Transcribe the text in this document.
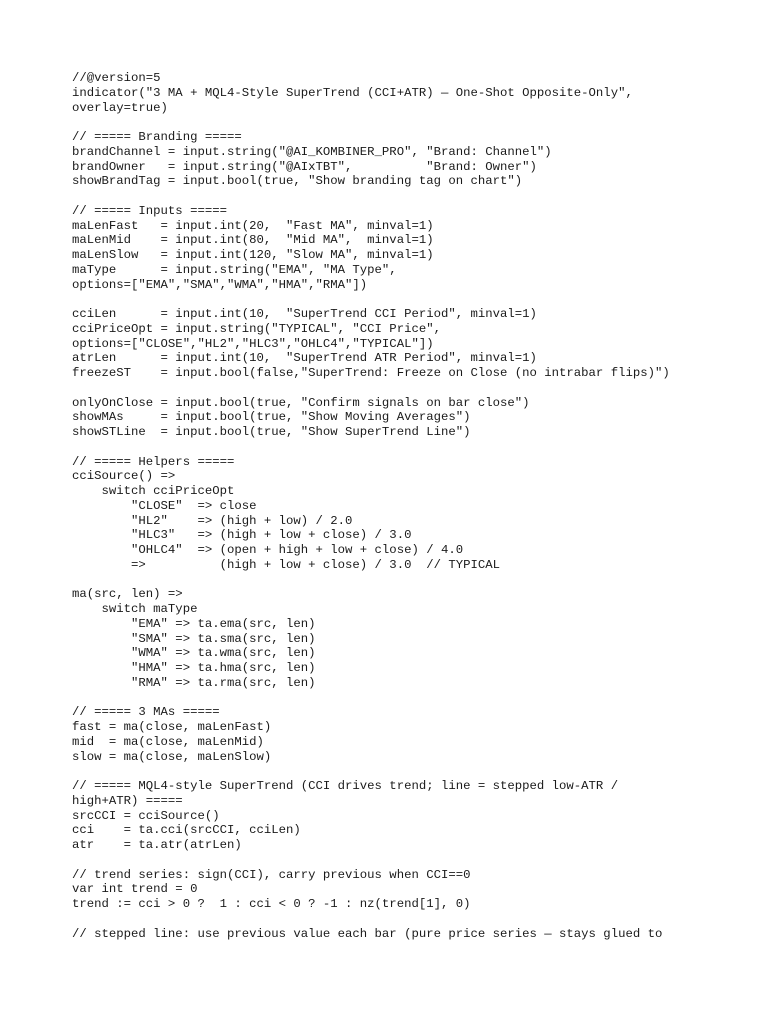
//@version=5
indicator("3 MA + MQL4-Style SuperTrend (CCI+ATR) — One-Shot Opposite-Only",
overlay=true)
// ===== Branding =====
brandChannel = input.string("@AI_KOMBINER_PRO", "Brand: Channel")
brandOwner   = input.string("@AIxTBT",          "Brand: Owner")
showBrandTag = input.bool(true, "Show branding tag on chart")
// ===== Inputs =====
maLenFast   = input.int(20,  "Fast MA", minval=1)
maLenMid    = input.int(80,  "Mid MA",  minval=1)
maLenSlow   = input.int(120, "Slow MA", minval=1)
maType      = input.string("EMA", "MA Type",
options=["EMA","SMA","WMA","HMA","RMA"])
cciLen      = input.int(10,  "SuperTrend CCI Period", minval=1)
cciPriceOpt = input.string("TYPICAL", "CCI Price",
options=["CLOSE","HL2","HLC3","OHLC4","TYPICAL"])
atrLen      = input.int(10,  "SuperTrend ATR Period", minval=1)
freezeST    = input.bool(false,"SuperTrend: Freeze on Close (no intrabar flips)")
onlyOnClose = input.bool(true, "Confirm signals on bar close")
showMAs     = input.bool(true, "Show Moving Averages")
showSTLine  = input.bool(true, "Show SuperTrend Line")
// ===== Helpers =====
cciSource() =>
switch cciPriceOpt
"CLOSE"  => close
"HL2"    => (high + low) / 2.0
"HLC3"   => (high + low + close) / 3.0
"OHLC4"  => (open + high + low + close) / 4.0
=>          (high + low + close) / 3.0  // TYPICAL
ma(src, len) =>
switch maType
"EMA" => ta.ema(src, len)
"SMA" => ta.sma(src, len)
"WMA" => ta.wma(src, len)
"HMA" => ta.hma(src, len)
"RMA" => ta.rma(src, len)
// ===== 3 MAs =====
fast = ma(close, maLenFast)
mid  = ma(close, maLenMid)
slow = ma(close, maLenSlow)
// ===== MQL4-style SuperTrend (CCI drives trend; line = stepped low-ATR /
high+ATR) =====
srcCCI = cciSource()
cci    = ta.cci(srcCCI, cciLen)
atr    = ta.atr(atrLen)
// trend series: sign(CCI), carry previous when CCI==0
var int trend = 0
trend := cci > 0 ?  1 : cci < 0 ? -1 : nz(trend[1], 0)
// stepped line: use previous value each bar (pure price series — stays glued to
